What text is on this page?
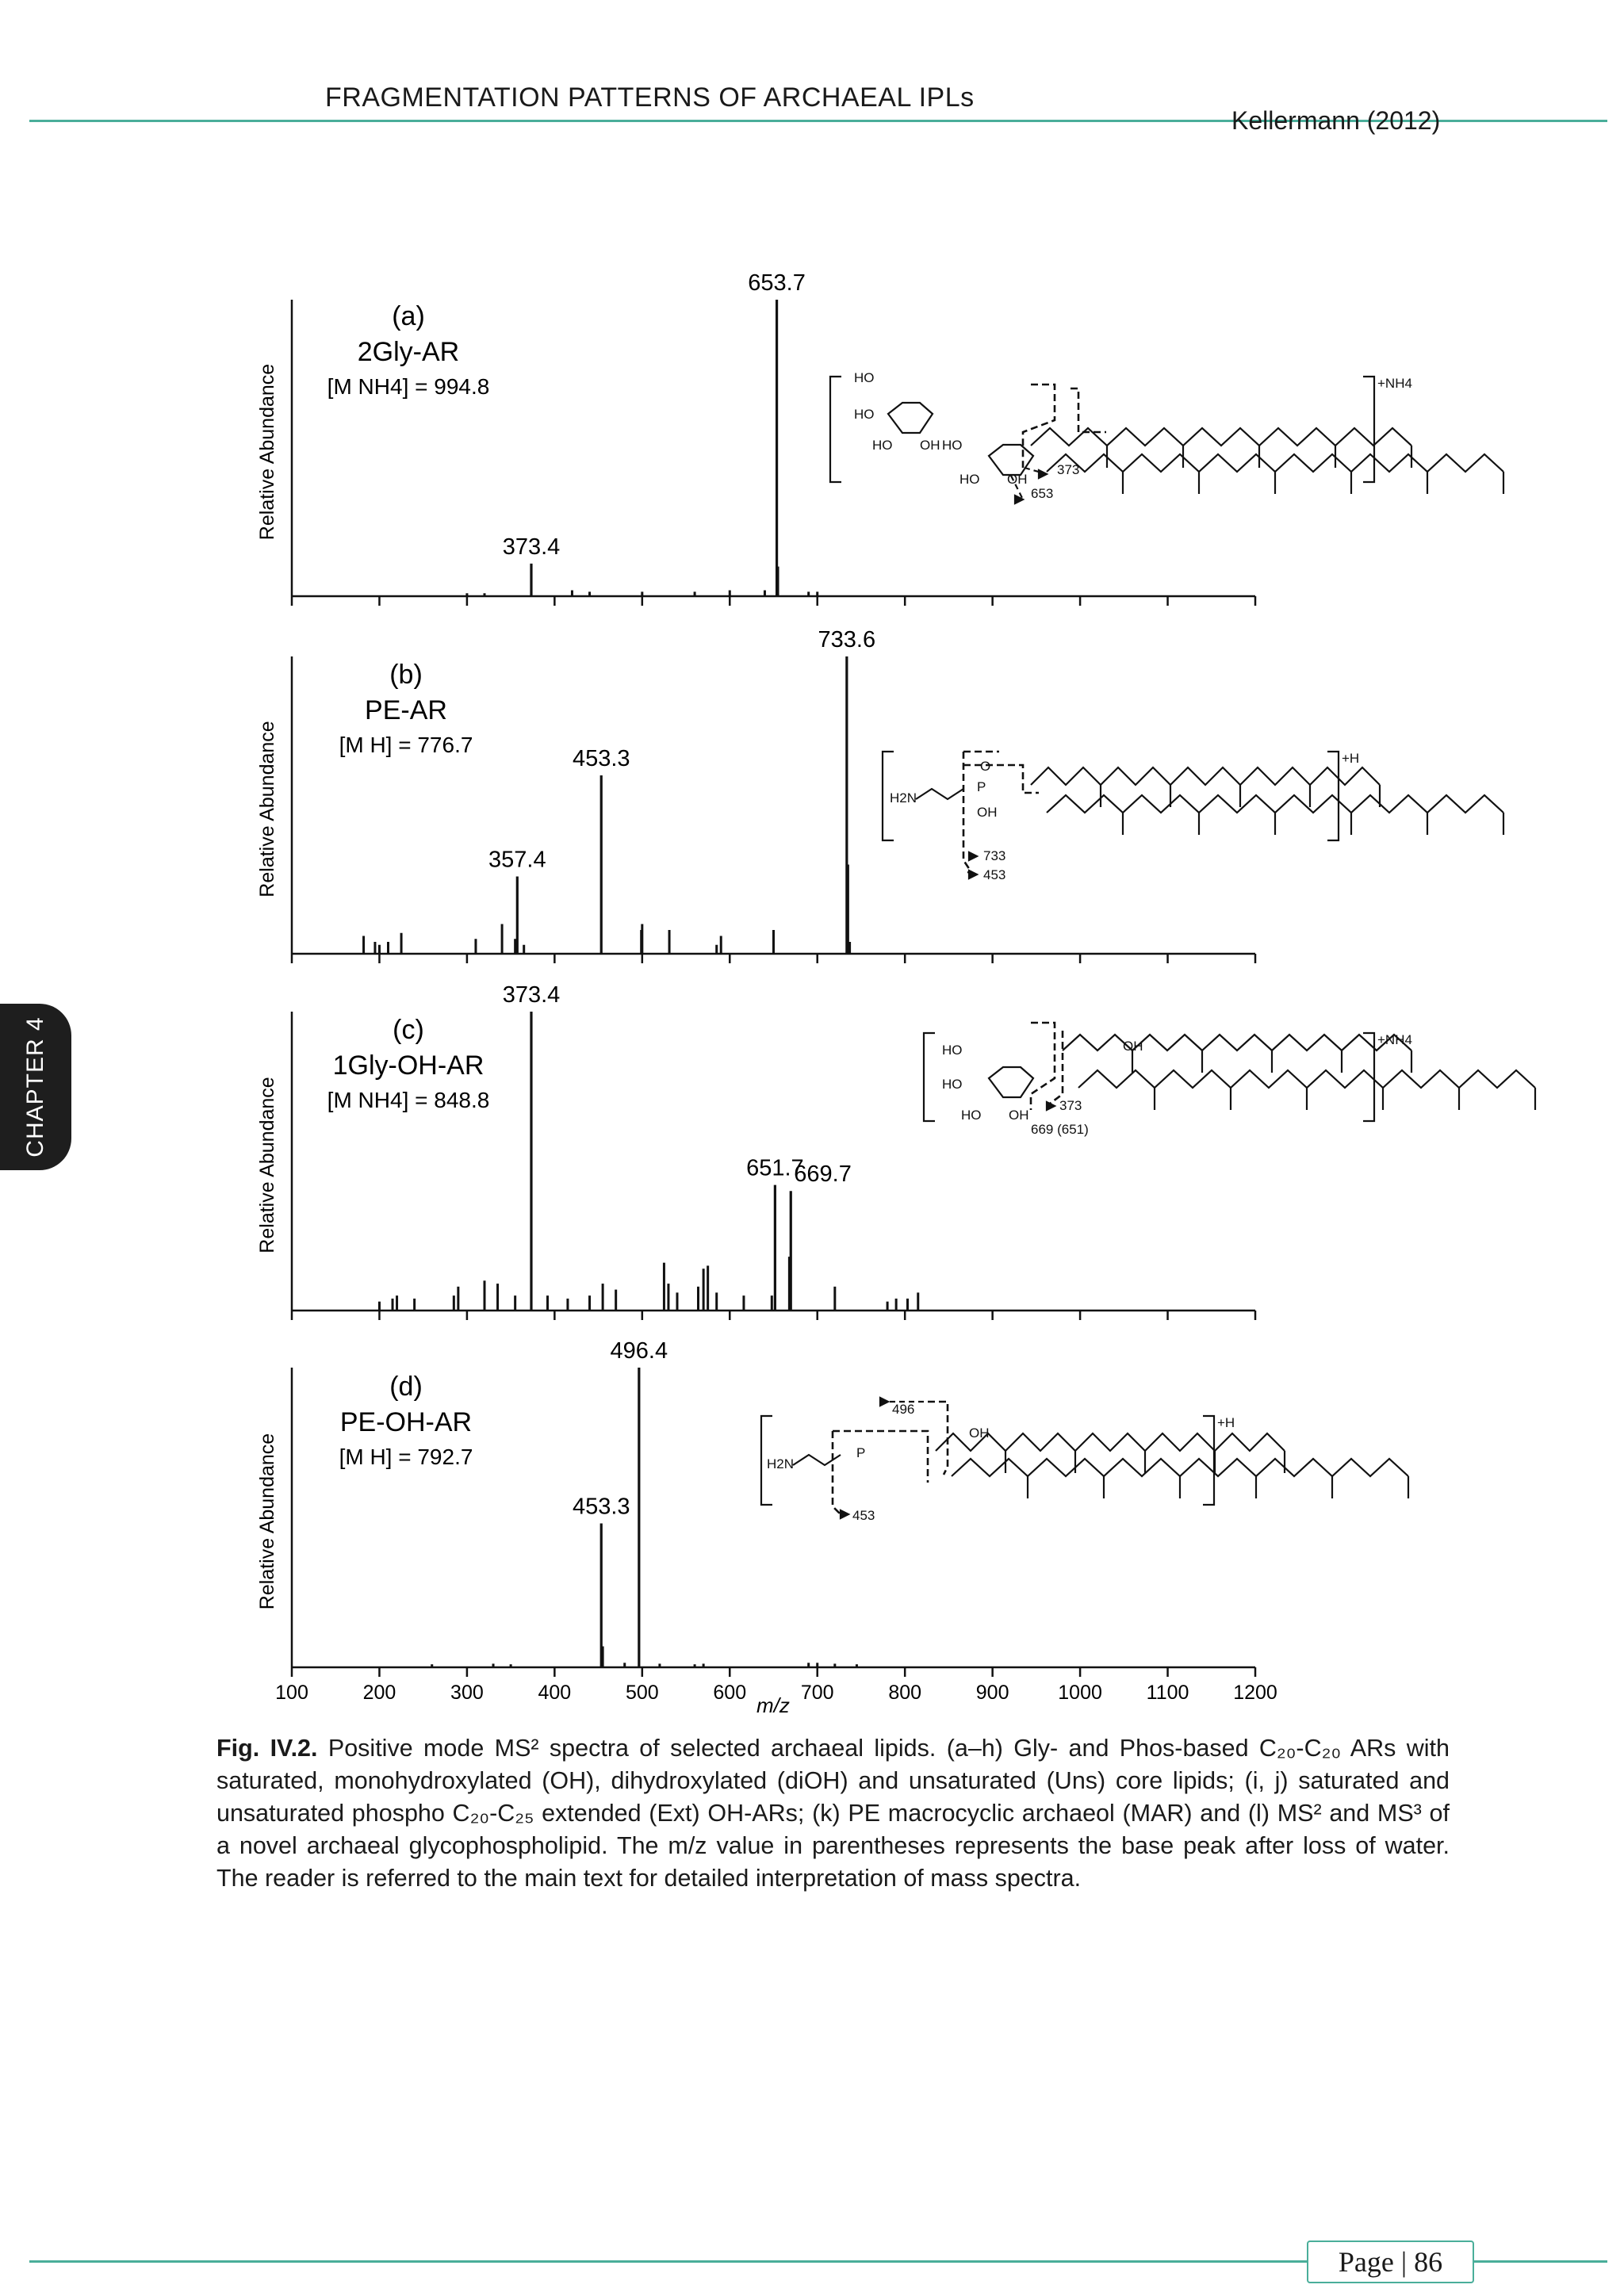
FRAGMENTATION PATTERNS OF ARCHAEAL IPLs
Kellermann (2012)
CHAPTER 4
Relative Abundance
(a)
2Gly-AR
[M NH4] = 994.8
373.4
653.7
Relative Abundance
(b)
PE-AR
[M H] = 776.7
357.4
453.3
733.6
Relative Abundance
(c)
1Gly-OH-AR
[M NH4] = 848.8
373.4
651.7
669.7
Relative Abundance
(d)
PE-OH-AR
[M H] = 792.7
453.3
496.4
100	200	300	400	500	600	700	800	900 1000 1100 1200
+NH4
HO
HO
HO OH HO
HO OH
373
653
+H
H2N
P
O
OH
733
453
+NH4
HO
HO
HO OH
OH
373
669 (651)
+H
H2N
P
OH
496
453
m/z
Fig. IV.2. Positive mode MS² spectra of selected archaeal lipids. (a–h) Gly- and Phos-based C₂₀-C₂₀ ARs with saturated, monohydroxylated (OH), dihydroxylated (diOH) and unsaturated (Uns) core lipids; (i, j) saturated and unsaturated phospho C₂₀-C₂₅ extended (Ext) OH-ARs; (k) PE macrocyclic archaeol (MAR) and (l) MS² and MS³ of a novel archaeal glycophospholipid. The m/z value in parentheses represents the base peak after loss of water. The reader is referred to the main text for detailed interpretation of mass spectra.
Page | 86
